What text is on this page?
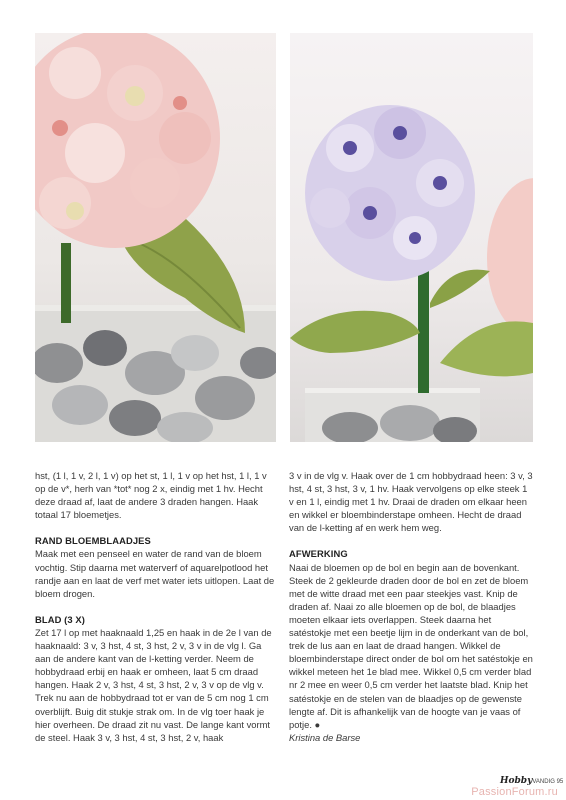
hst, (1 l, 1 v, 2 l, 1 v) op het st, 1 l, 1 v op het hst, 1 l, 1 v op de v*, herh van *tot* nog 2 x, eindig met 1 hv. Hecht deze draad af, laat de andere 3 draden hangen. Haak totaal 17 bloemetjes.

RAND BLOEMBLAADJES

Maak met een penseel en water de rand van de bloem vochtig. Stip daarna met waterverf of aquarelpotlood het randje aan en laat de verf met water iets uitlopen. Laat de bloem drogen.

BLAD (3 X)

Zet 17 l op met haaknaald 1,25 en haak in de 2e l van de haaknaald: 3 v, 3 hst, 4 st, 3 hst, 2 v, 3 v in de vlg l. Ga aan de andere kant van de l-ketting verder. Neem de hobbydraad erbij en haak er omheen, laat 5 cm draad hangen. Haak 2 v, 3 hst, 4 st, 3 hst, 2 v, 3 v op de vlg v. Trek nu aan de hobbydraad tot er van de 5 cm nog 1 cm overblijft. Buig dit stukje strak om. In de vlg toer haak je hier overheen. De draad zit nu vast. De lange kant vormt de steel. Haak 3 v, 3 hst, 4 st, 3 hst, 2 v, haak

3 v in de vlg v. Haak over de 1 cm hobbydraad heen: 3 v, 3 hst, 4 st, 3 hst, 3 v, 1 hv. Haak vervolgens op elke steek 1 v en 1 l, eindig met 1 hv. Draai de draden om elkaar heen en wikkel er bloembinderstape omheen. Hecht de draad van de l-ketting af en werk hem weg.

AFWERKING

Naai de bloemen op de bol en begin aan de bovenkant. Steek de 2 gekleurde draden door de bol en zet de bloem met de witte draad met een paar steekjes vast. Knip de draden af. Naai zo alle bloemen op de bol, de blaadjes moeten elkaar iets overlappen. Steek daarna het satéstokje met een beetje lijm in de onderkant van de bol, trek de lus aan en laat de draad hangen. Wikkel de bloembinderstape direct onder de bol om het satéstokje en wikkel meteen het 1e blad mee. Wikkel 0,5 cm verder blad nr 2 mee en weer 0,5 cm verder het laatste blad. Knip het satéstokje en de stelen van de blaadjes op de gewenste lengte af. Dit is afhankelijk van de hoogte van je vaas of potje. ●

Kristina de Barse

HobbyVANDIG 95
PassionForum.ru
